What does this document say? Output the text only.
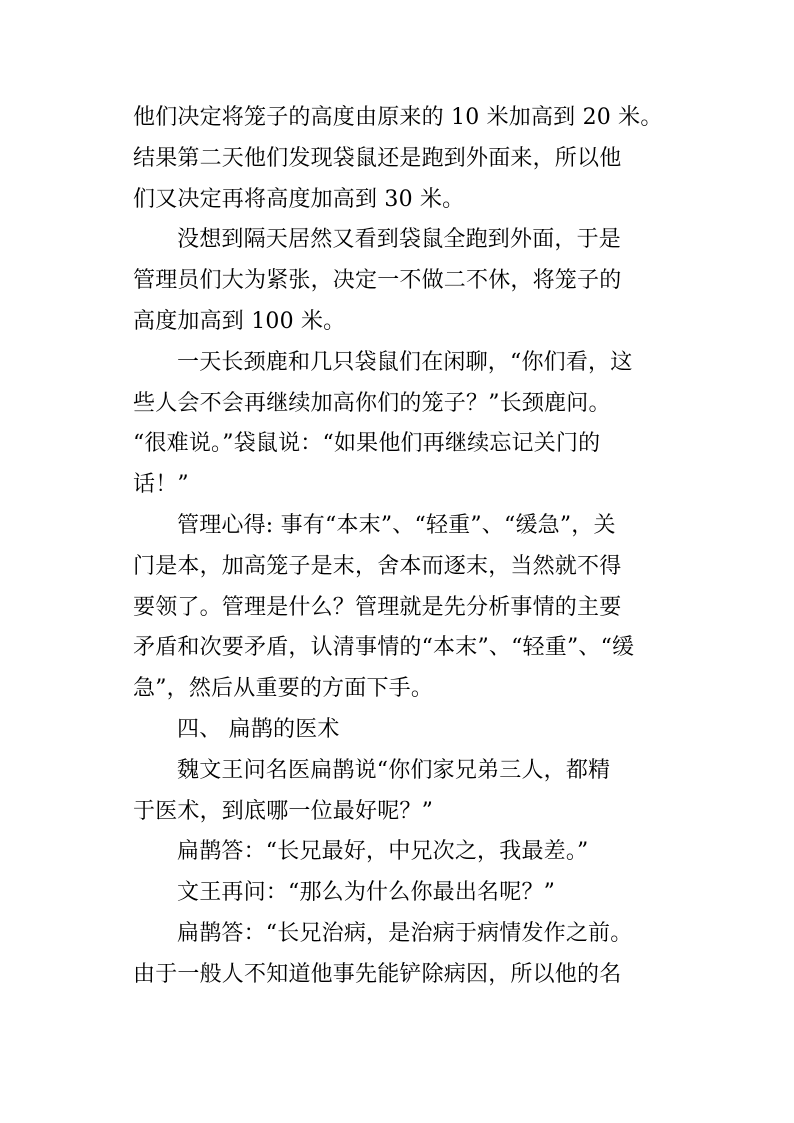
他们决定将笼子的高度由原来的 10 米加高到 20 米。
结果第二天他们发现袋鼠还是跑到外面来，所以他
们又决定再将高度加高到 30 米。
没想到隔天居然又看到袋鼠全跑到外面，于是
管理员们大为紧张，决定一不做二不休，将笼子的
高度加高到 100 米。
一天长颈鹿和几只袋鼠们在闲聊，“你们看，这
些人会不会再继续加高你们的笼子？”长颈鹿问。
“很难说。”袋鼠说：“如果他们再继续忘记关门的
话！”
管理心得: 事有“本末”、“轻重”、“缓急”，关
门是本，加高笼子是末，舍本而逐末，当然就不得
要领了。管理是什么？管理就是先分析事情的主要
矛盾和次要矛盾，认清事情的“本末”、“轻重”、“缓
急”，然后从重要的方面下手。
四、 扁鹊的医术
魏文王问名医扁鹊说“你们家兄弟三人，都精
于医术，到底哪一位最好呢？”
扁鹊答：“长兄最好，中兄次之，我最差。”
文王再问：“那么为什么你最出名呢？”
扁鹊答：“长兄治病，是治病于病情发作之前。
由于一般人不知道他事先能铲除病因，所以他的名
